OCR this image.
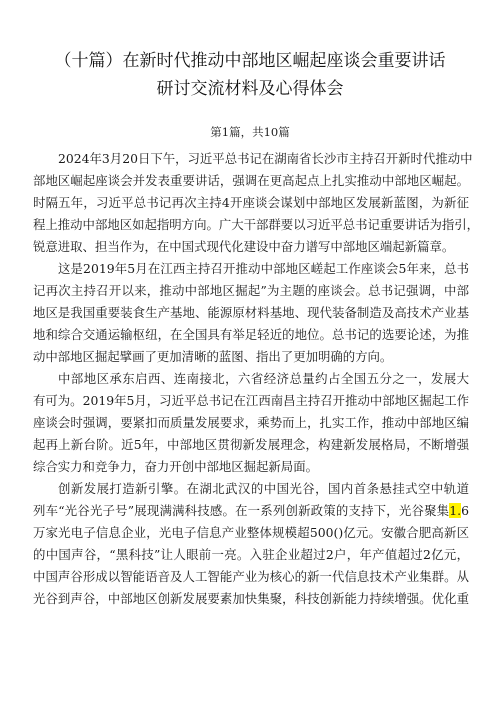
（十篇）在新时代推动中部地区崛起座谈会重要讲话
研讨交流材料及心得体会
第1篇，共10篇
2024年3月20日下午，习近平总书记在湖南省长沙市主持召开新时代推动中
部地区崛起座谈会并发表重要讲话，强调在更高起点上扎实推动中部地区崛起。
时隔五年，习近平总书记再次主持4开座谈会谋划中部地区发展新蓝图，为新征
程上推动中部地区如起指明方向。广大干部群要以习近平总书记重要讲话为指引，
锐意进取、担当作为，在中国式现代化建设中奋力谱写中部地区端起新篇章。
这是2019年5月在江西主持召开推动中部地区嵯起工作座谈会5年来，总书
记再次主持召开以来，推动中部地区掘起”为主题的座谈会。总书记强调，中部
地区是我国重要装食生产基地、能源原材料基地、现代装备制造及高技术产业基
地和综合交通运输枢纽，在全国具有举足轻近的地位。总书记的选要论述，为推
动中部地区掘起擘画了更加清晰的蓝图、指出了更加明确的方向。
中部地区承东启西、连南接北，六省经济总量约占全国五分之一，发展大
有可为。2019年5月，习近平总书记在江西南昌主持召开推动中部地区掘起工作
座谈会时强调，要紧扣而质量发展要求，乘势而上，扎实工作，推动中部地区编
起再上新台阶。近5年，中部地区贯彻新发展理念，构建新发展格局，不断增强
综合实力和竞争力，奋力开创中部地区掘起新局面。
创新发展打造新引擎。在湖北武汉的中国光谷，国内首条悬挂式空中轨道
列车“光谷光子号”展现满满科技感。在一系列创新政策的支持下，光谷聚集1.6
万家光电子信息企业，光电子信息产业整体规模超500()亿元。安徽合肥高新区
的中国声谷，“黑科技”让人眼前一亮。入驻企业超过2户，年产值超过2亿元，
中国声谷形成以智能语音及人工智能产业为核心的新一代信息技术产业集群。从
光谷到声谷，中部地区创新发展要素加快集聚，科技创新能力持续增强。优化重
